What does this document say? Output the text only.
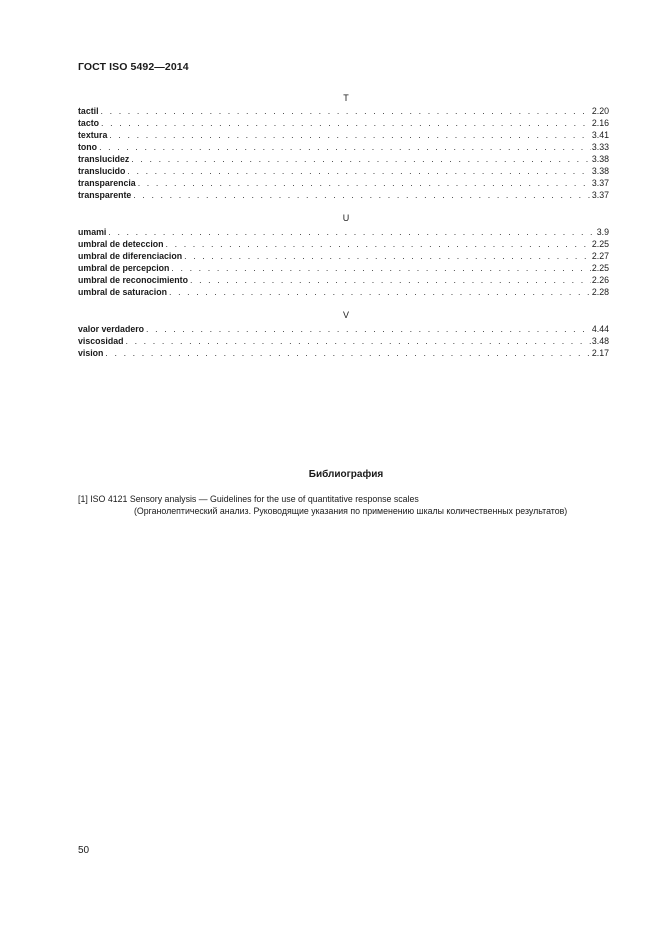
ГОСТ ISO 5492—2014
T
tactil . . .	2.20
tacto . . .	2.16
textura . . .	3.41
tono . . .	3.33
translucidez . . .	3.38
translucido . . .	3.38
transparencia . . .	3.37
transparente . . .	3.37
U
umami . . .	3.9
umbral de deteccion . . .	2.25
umbral de diferenciacion . . .	2.27
umbral de percepcion . . .	2.25
umbral de reconocimiento . . .	2.26
umbral de saturacion . . .	2.28
V
valor verdadero . . .	4.44
viscosidad . . .	3.48
vision . . .	2.17
Библиография
[1] ISO 4121 Sensory analysis — Guidelines for the use of quantitative response scales
(Органолептический анализ. Руководящие указания по применению шкалы количественных результатов)
50
